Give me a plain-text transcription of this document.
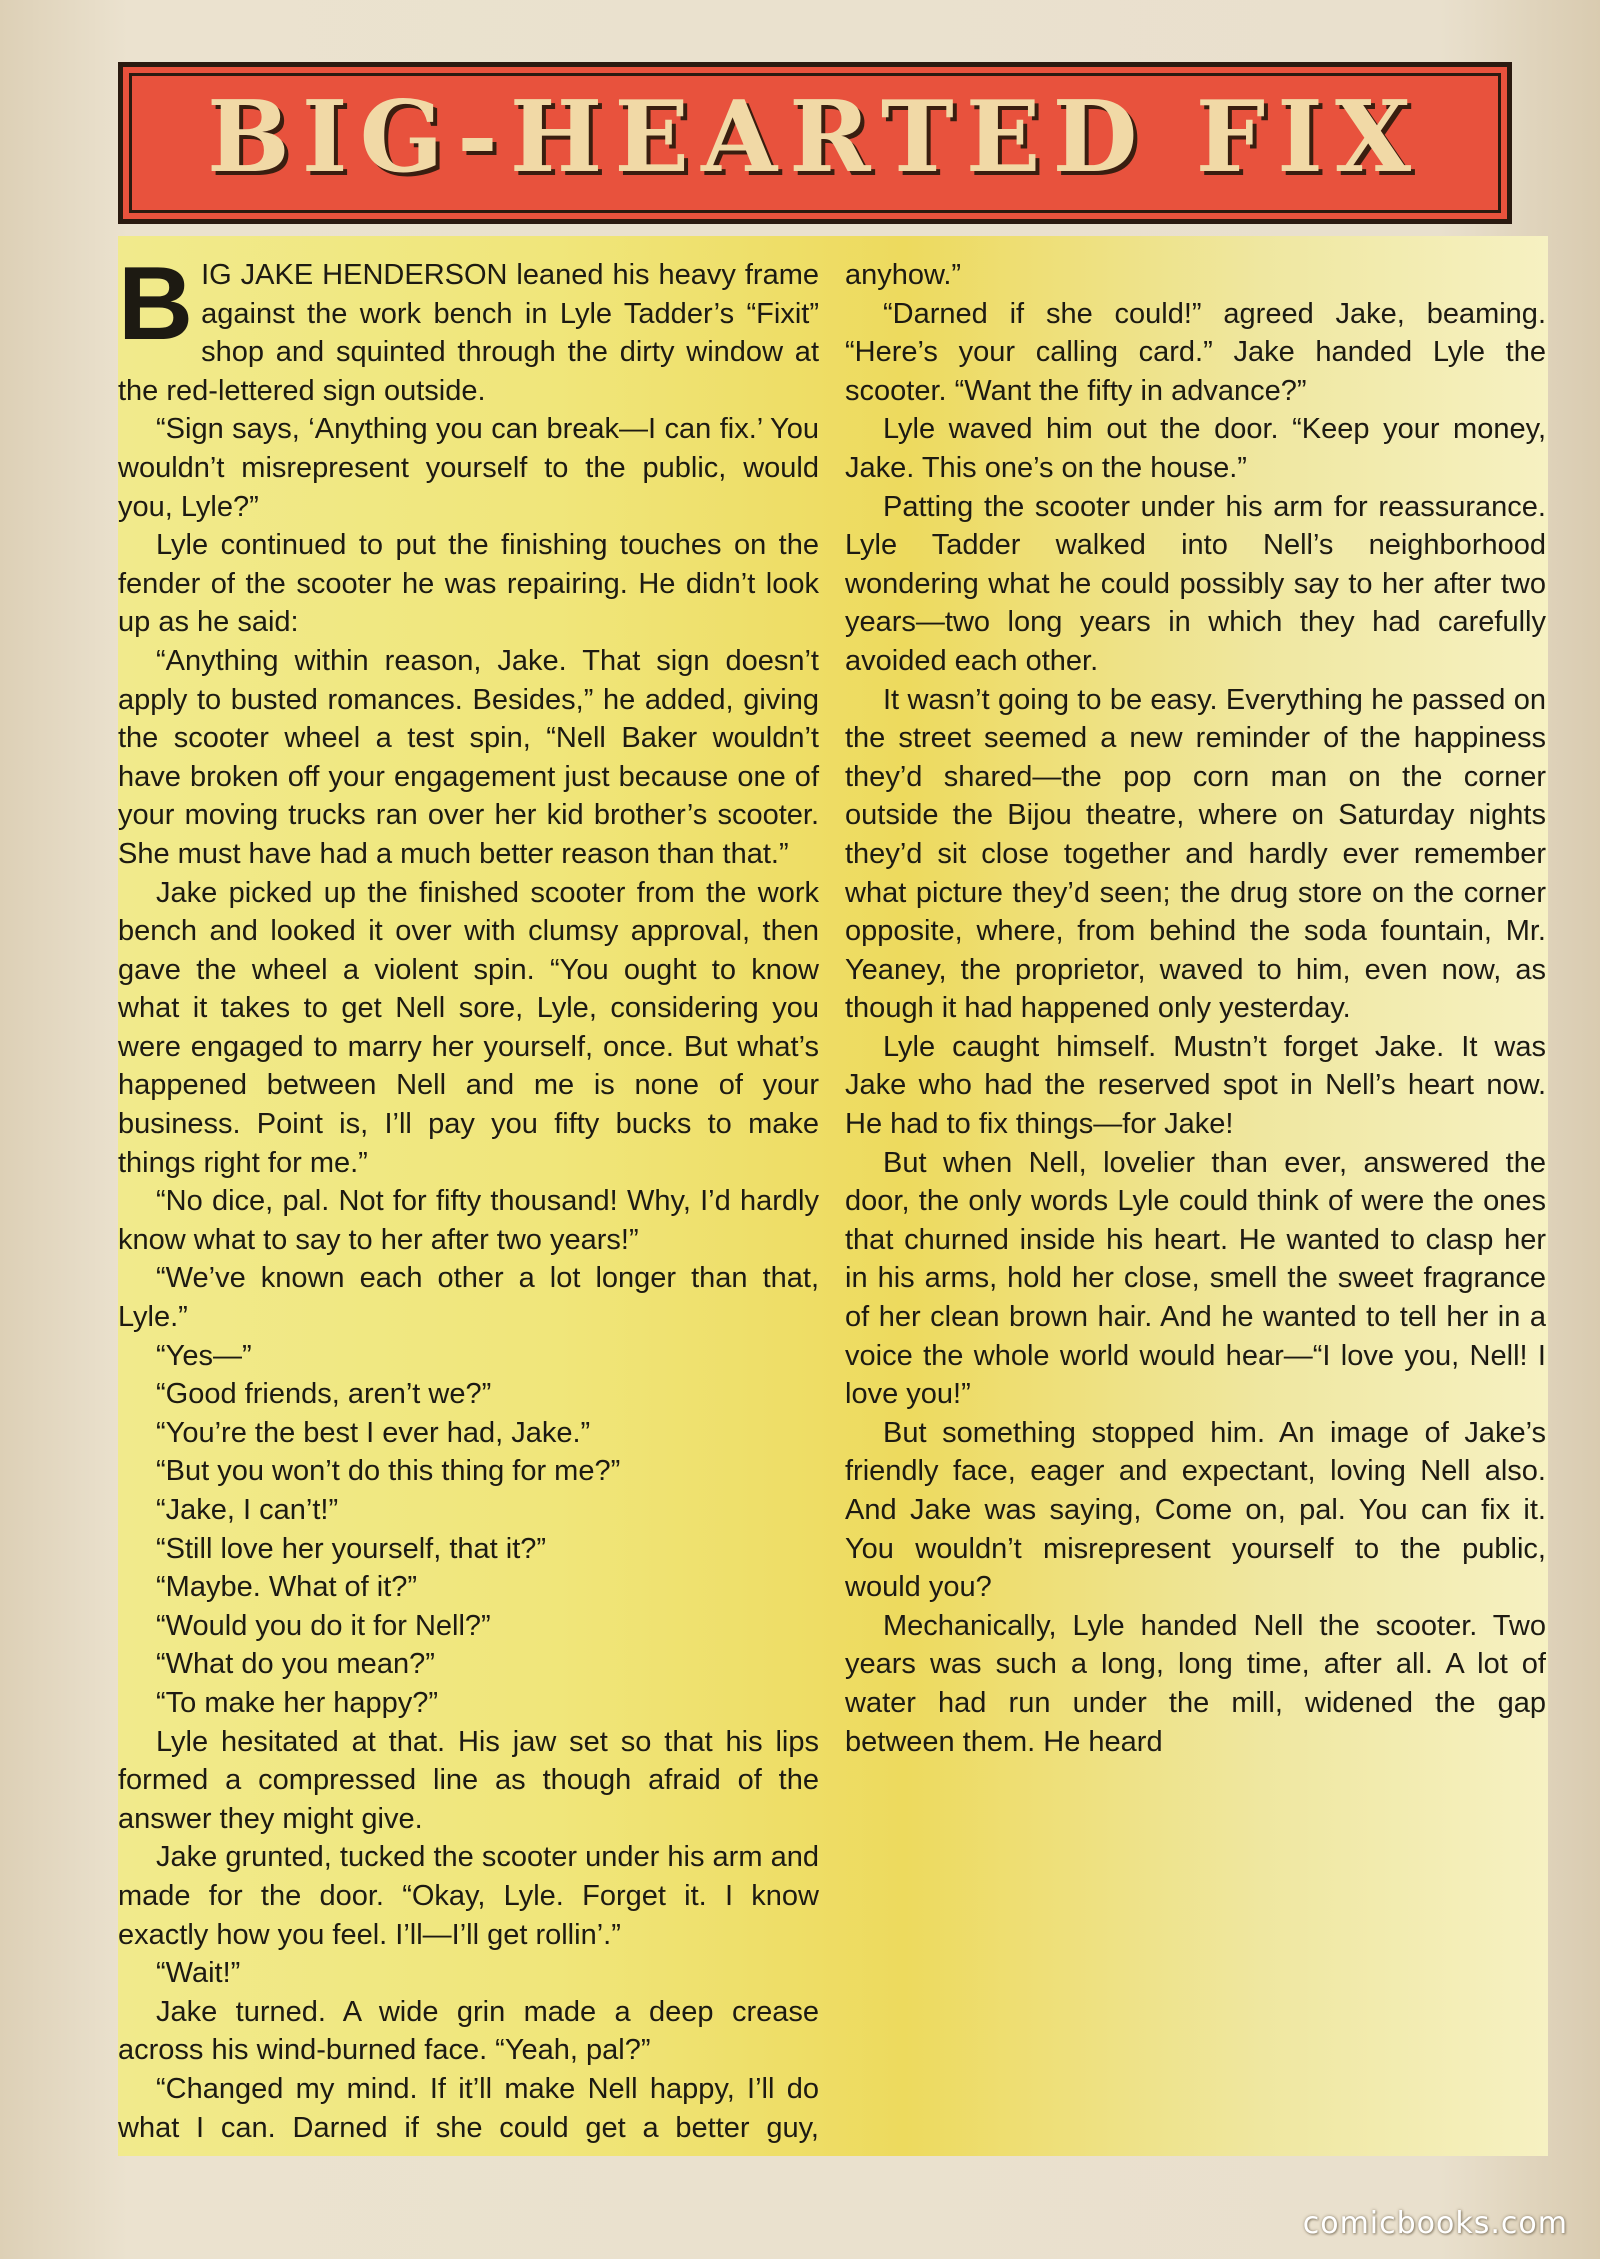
BIG-HEARTED FIX

BIG JAKE HENDERSON leaned his heavy frame against the work bench in Lyle Tadder’s “Fixit” shop and squinted through the dirty window at the red-lettered sign outside.

“Sign says, ‘Anything you can break—I can fix.’ You wouldn’t misrepresent yourself to the public, would you, Lyle?”

Lyle continued to put the finishing touches on the fender of the scooter he was repairing. He didn’t look up as he said:

“Anything within reason, Jake. That sign doesn’t apply to busted romances. Besides,” he added, giving the scooter wheel a test spin, “Nell Baker wouldn’t have broken off your engagement just because one of your moving trucks ran over her kid brother’s scooter. She must have had a much better reason than that.”

Jake picked up the finished scooter from the work bench and looked it over with clumsy approval, then gave the wheel a violent spin. “You ought to know what it takes to get Nell sore, Lyle, considering you were engaged to marry her yourself, once. But what’s happened between Nell and me is none of your business. Point is, I’ll pay you fifty bucks to make things right for me.”

“No dice, pal. Not for fifty thousand! Why, I’d hardly know what to say to her after two years!”

“We’ve known each other a lot longer than that, Lyle.”

“Yes—”

“Good friends, aren’t we?”

“You’re the best I ever had, Jake.”

“But you won’t do this thing for me?”

“Jake, I can’t!”

“Still love her yourself, that it?”

“Maybe. What of it?”

“Would you do it for Nell?”

“What do you mean?”

“To make her happy?”

Lyle hesitated at that. His jaw set so that his lips formed a compressed line as though afraid of the answer they might give.

Jake grunted, tucked the scooter under his arm and made for the door. “Okay, Lyle. Forget it. I know exactly how you feel. I’ll—I’ll get rollin’.”

“Wait!”

Jake turned. A wide grin made a deep crease across his wind-burned face. “Yeah, pal?”

“Changed my mind. If it’ll make Nell happy, I’ll do what I can. Darned if she could get a better guy, anyhow.”

“Darned if she could!” agreed Jake, beaming. “Here’s your calling card.” Jake handed Lyle the scooter. “Want the fifty in advance?”

Lyle waved him out the door. “Keep your money, Jake. This one’s on the house.”

Patting the scooter under his arm for reassurance. Lyle Tadder walked into Nell’s neighborhood wondering what he could possibly say to her after two years—two long years in which they had carefully avoided each other.

It wasn’t going to be easy. Everything he passed on the street seemed a new reminder of the happiness they’d shared—the pop corn man on the corner outside the Bijou theatre, where on Saturday nights they’d sit close together and hardly ever remember what picture they’d seen; the drug store on the corner opposite, where, from behind the soda fountain, Mr. Yeaney, the proprietor, waved to him, even now, as though it had happened only yesterday.

Lyle caught himself. Mustn’t forget Jake. It was Jake who had the reserved spot in Nell’s heart now. He had to fix things—for Jake!

But when Nell, lovelier than ever, answered the door, the only words Lyle could think of were the ones that churned inside his heart. He wanted to clasp her in his arms, hold her close, smell the sweet fragrance of her clean brown hair. And he wanted to tell her in a voice the whole world would hear—“I love you, Nell! I love you!”

But something stopped him. An image of Jake’s friendly face, eager and expectant, loving Nell also. And Jake was saying, Come on, pal. You can fix it. You wouldn’t misrepresent yourself to the public, would you?

Mechanically, Lyle handed Nell the scooter. Two years was such a long, long time, after all. A lot of water had run under the mill, widened the gap between them. He heard

comicbooks.com
